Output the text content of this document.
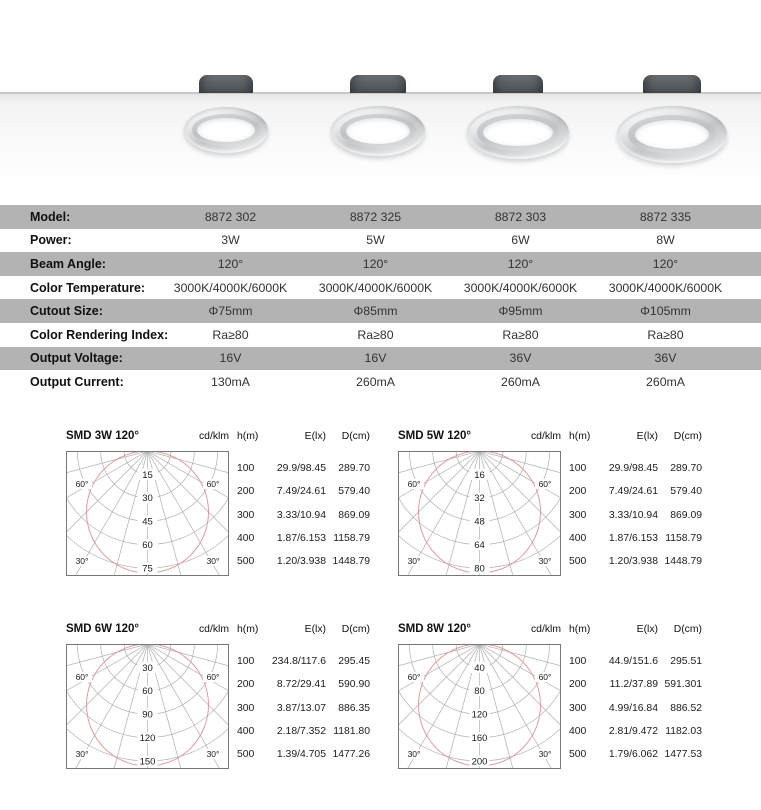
Model:	8872 302	8872 325	8872 303	8872 335
Power:	3W	5W	6W	8W
Beam Angle:	120°	120°	120°	120°
Color Temperature:	3000K/4000K/6000K	3000K/4000K/6000K	3000K/4000K/6000K	3000K/4000K/6000K
Cutout Size:	Φ75mm	Φ85mm	Φ95mm	Φ105mm
Color Rendering Index:	Ra≥80	Ra≥80	Ra≥80	Ra≥80
Output Voltage:	16V	16V	36V	36V
Output Current:	130mA	260mA	260mA	260mA
SMD 3W 120°	cd/klm h(m)	E(lx)	D(cm)
15
30
45
60
75
60°	60°
30°	30°
100	29.9/98.45	289.70
200	7.49/24.61	579.40
300	3.33/10.94	869.09
400	1.87/6.153 1158.79
500	1.20/3.938 1448.79
SMD 5W 120°	cd/klm h(m)	E(lx)	D(cm)
16
32
48
64
80
60°	60°
30°	30°
100	29.9/98.45	289.70
200	7.49/24.61	579.40
300	3.33/10.94	869.09
400	1.87/6.153 1158.79
500	1.20/3.938 1448.79
SMD 6W 120°	cd/klm h(m)	E(lx)	D(cm)
30
60
90
120
150
60°	60°
30°	30°
100	234.8/117.6	295.45
200	8.72/29.41	590.90
300	3.87/13.07	886.35
400	2.18/7.352 1181.80
500	1.39/4.705 1477.26
SMD 8W 120°	cd/klm h(m)	E(lx)	D(cm)
40
80
120
160
200
60°	60°
30°	30°
100	44.9/151.6	295.51
200	11.2/37.89 591.301
300	4.99/16.84	886.52
400	2.81/9.472 1182.03
500	1.79/6.062 1477.53
